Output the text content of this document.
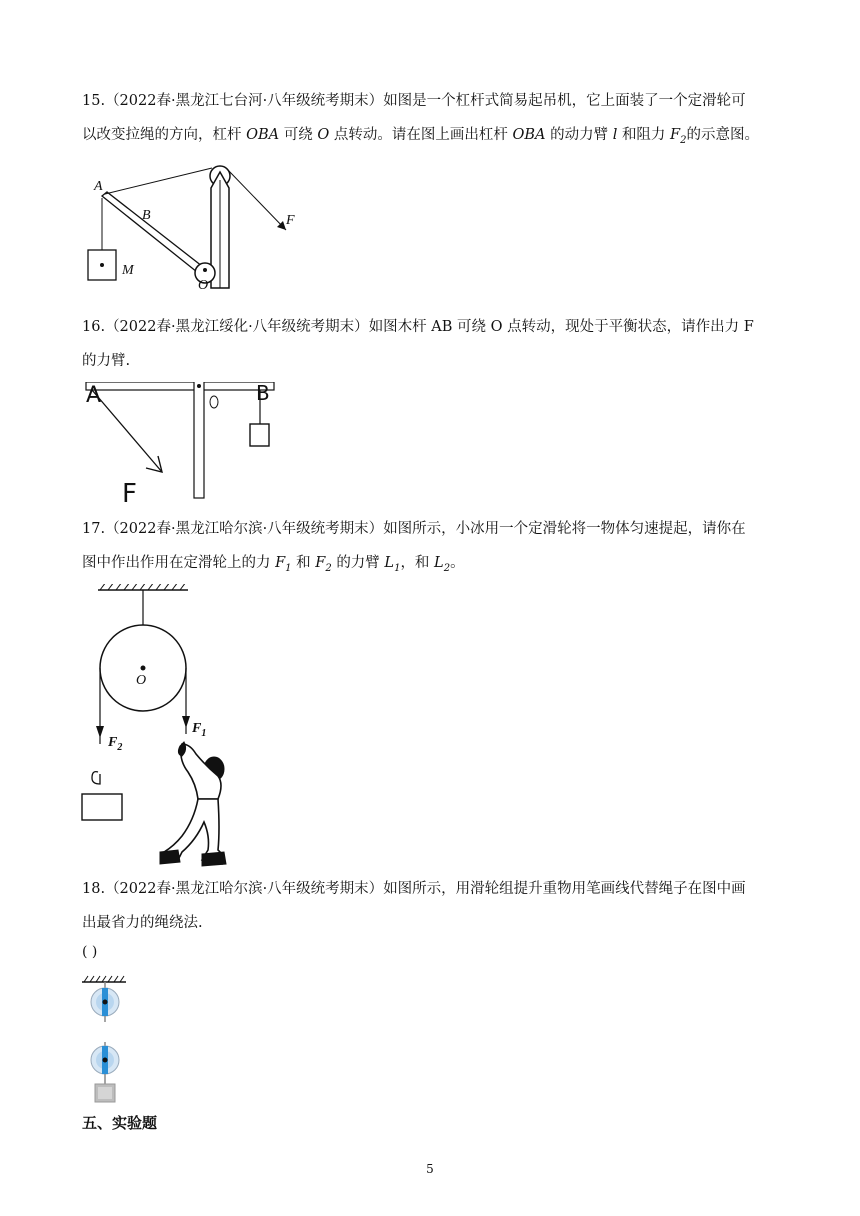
15.（2022春·黑龙江七台河·八年级统考期末）如图是一个杠杆式简易起吊机，它上面装了一个定滑轮可
以改变拉绳的方向，杠杆 OBA 可绕 O 点转动。请在图上画出杠杆 OBA 的动力臂 l 和阻力 $F_2$的示意图。
A
B
O
M
F
16.（2022春·黑龙江绥化·八年级统考期末）如图木杆 AB 可绕 O 点转动，现处于平衡状态，请作出力 F
的力臂.
A	B
F
17.（2022春·黑龙江哈尔滨·八年级统考期末）如图所示，小冰用一个定滑轮将一物体匀速提起，请你在
图中作出作用在定滑轮上的力 $F_1$ 和 $F_2$ 的力臂 $L_1$，和 $L_2$。
O
$F_2$
$F_1$
18.（2022春·黑龙江哈尔滨·八年级统考期末）如图所示，用滑轮组提升重物用笔画线代替绳子在图中画
出最省力的绳绕法.
( )
五、实验题
5
